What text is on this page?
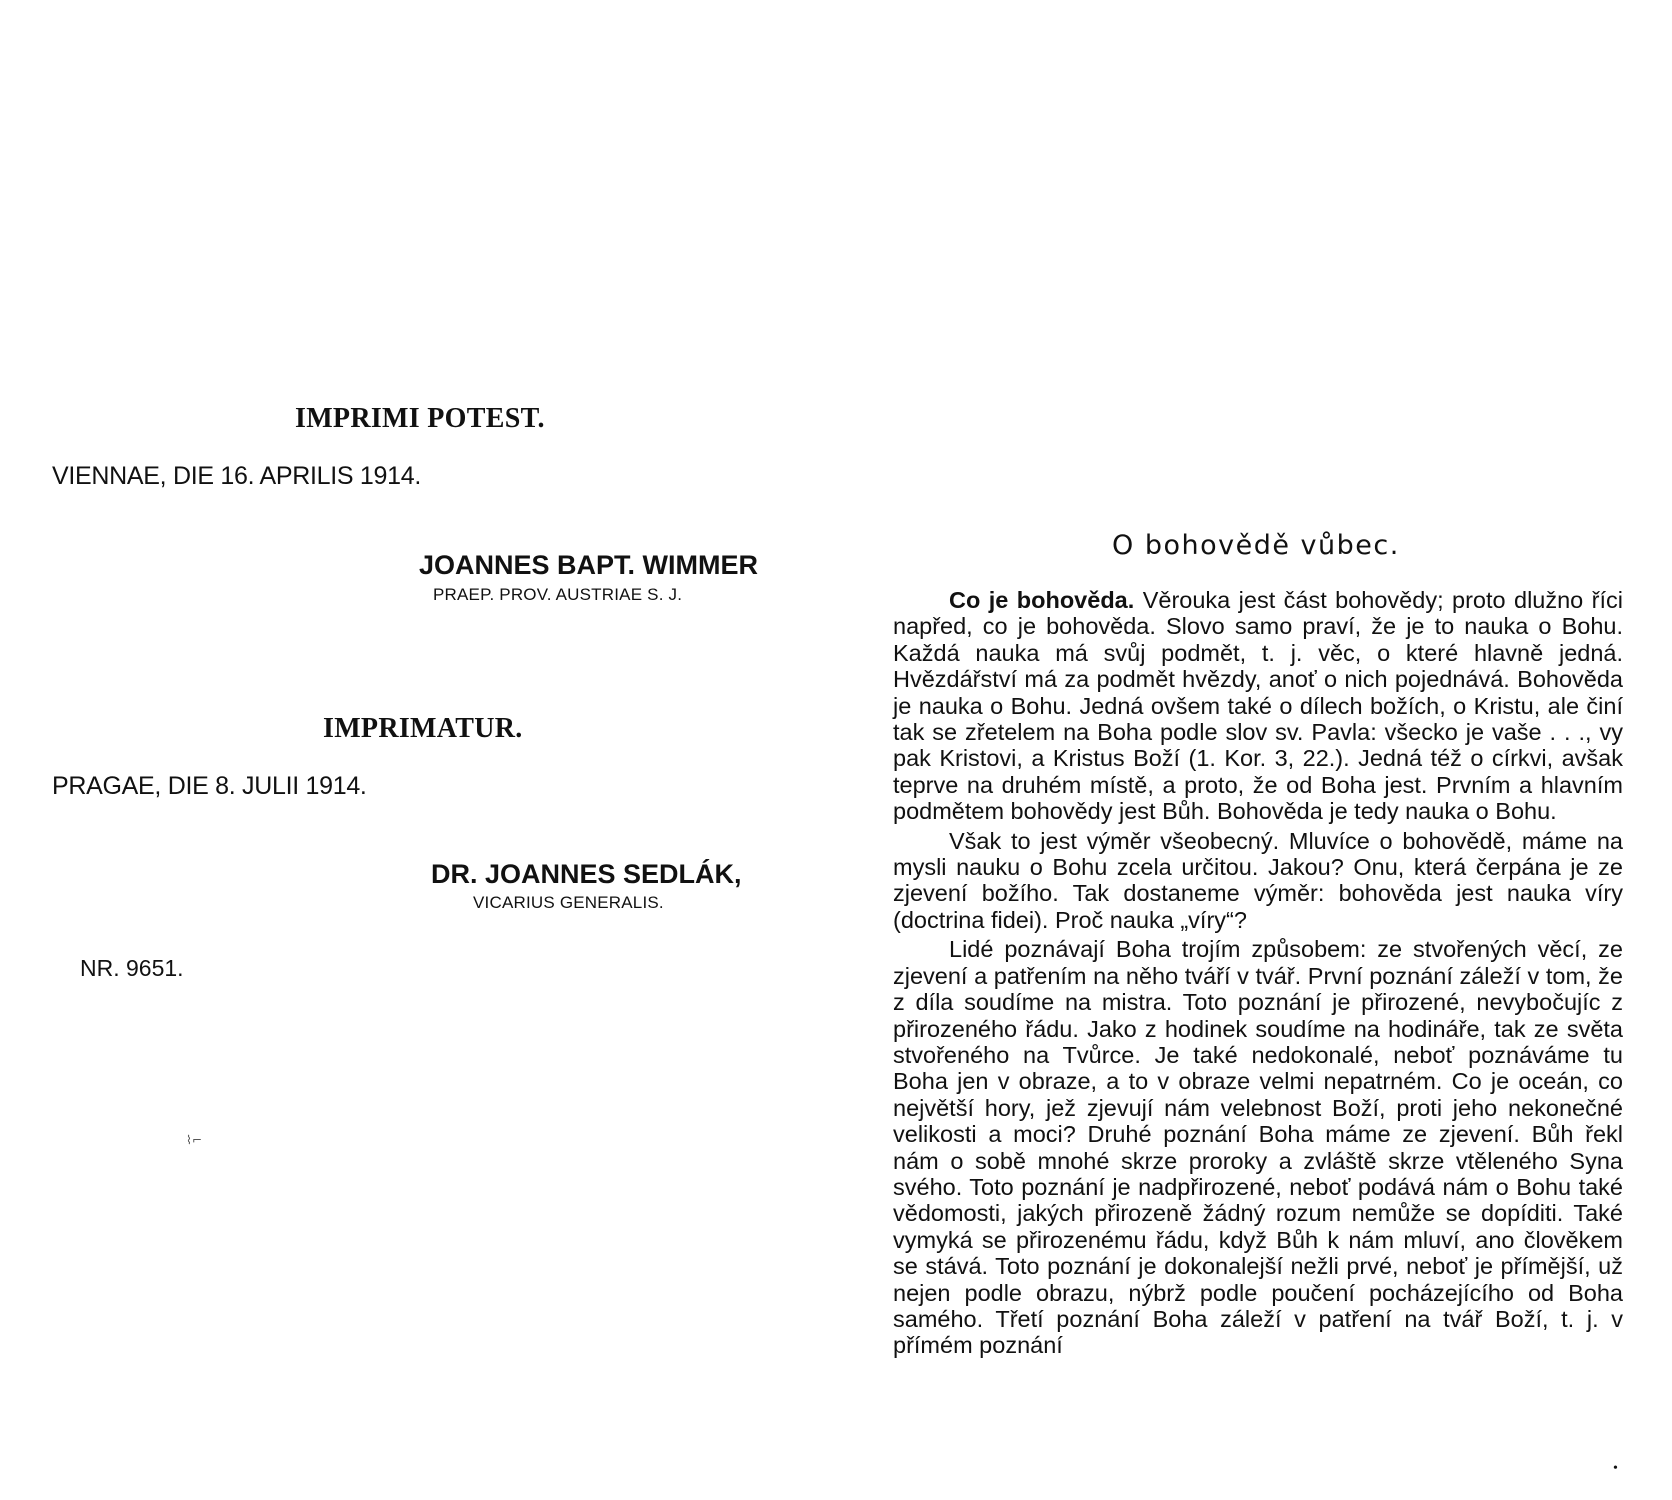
IMPRIMI POTEST.

VIENNAE, DIE 16. APRILIS 1914.

JOANNES BAPT. WIMMER

PRAEP. PROV. AUSTRIAE S. J.

IMPRIMATUR.

PRAGAE, DIE 8. JULII 1914.

DR. JOANNES SEDLÁK,

VICARIUS GENERALIS.

NR. 9651.

⌇⌐
O bohovědě vůbec.

Co je bohověda. Věrouka jest část bohovědy; proto dlužno říci napřed, co je bohověda. Slovo samo praví, že je to nauka o Bohu. Každá nauka má svůj podmět, t. j. věc, o které hlavně jedná. Hvězdářství má za podmět hvězdy, anoť o nich pojednává. Bohověda je nauka o Bohu. Jedná ovšem také o dílech božích, o Kristu, ale činí tak se zřetelem na Boha podle slov sv. Pavla: všecko je vaše . . ., vy pak Kristovi, a Kristus Boží (1. Kor. 3, 22.). Jedná též o církvi, avšak teprve na druhém místě, a proto, že od Boha jest. Prvním a hlavním podmětem bohovědy jest Bůh. Bohověda je tedy nauka o Bohu.

Však to jest výměr všeobecný. Mluvíce o bohovědě, máme na mysli nauku o Bohu zcela určitou. Jakou? Onu, která čerpána je ze zjevení božího. Tak dostaneme výměr: bohověda jest nauka víry (doctrina fidei). Proč nauka „víry“?

Lidé poznávají Boha trojím způsobem: ze stvořených věcí, ze zjevení a patřením na něho tváří v tvář. První poznání záleží v tom, že z díla soudíme na mistra. Toto poznání je přirozené, nevybočujíc z přirozeného řádu. Jako z hodinek soudíme na hodináře, tak ze světa stvořeného na Tvůrce. Je také nedokonalé, neboť poznáváme tu Boha jen v obraze, a to v obraze velmi nepatrném. Co je oceán, co největší hory, jež zjevují nám velebnost Boží, proti jeho nekonečné velikosti a moci? Druhé poznání Boha máme ze zjevení. Bůh řekl nám o sobě mnohé skrze proroky a zvláště skrze vtěleného Syna svého. Toto poznání je nadpřirozené, neboť podává nám o Bohu také vědomosti, jakých přirozeně žádný rozum nemůže se dopíditi. Také vymyká se přirozenému řádu, když Bůh k nám mluví, ano člověkem se stává. Toto poznání je dokonalejší nežli prvé, neboť je přímější, už nejen podle obrazu, nýbrž podle poučení pocházejícího od Boha samého. Třetí poznání Boha záleží v patření na tvář Boží, t. j. v přímém poznání

•
